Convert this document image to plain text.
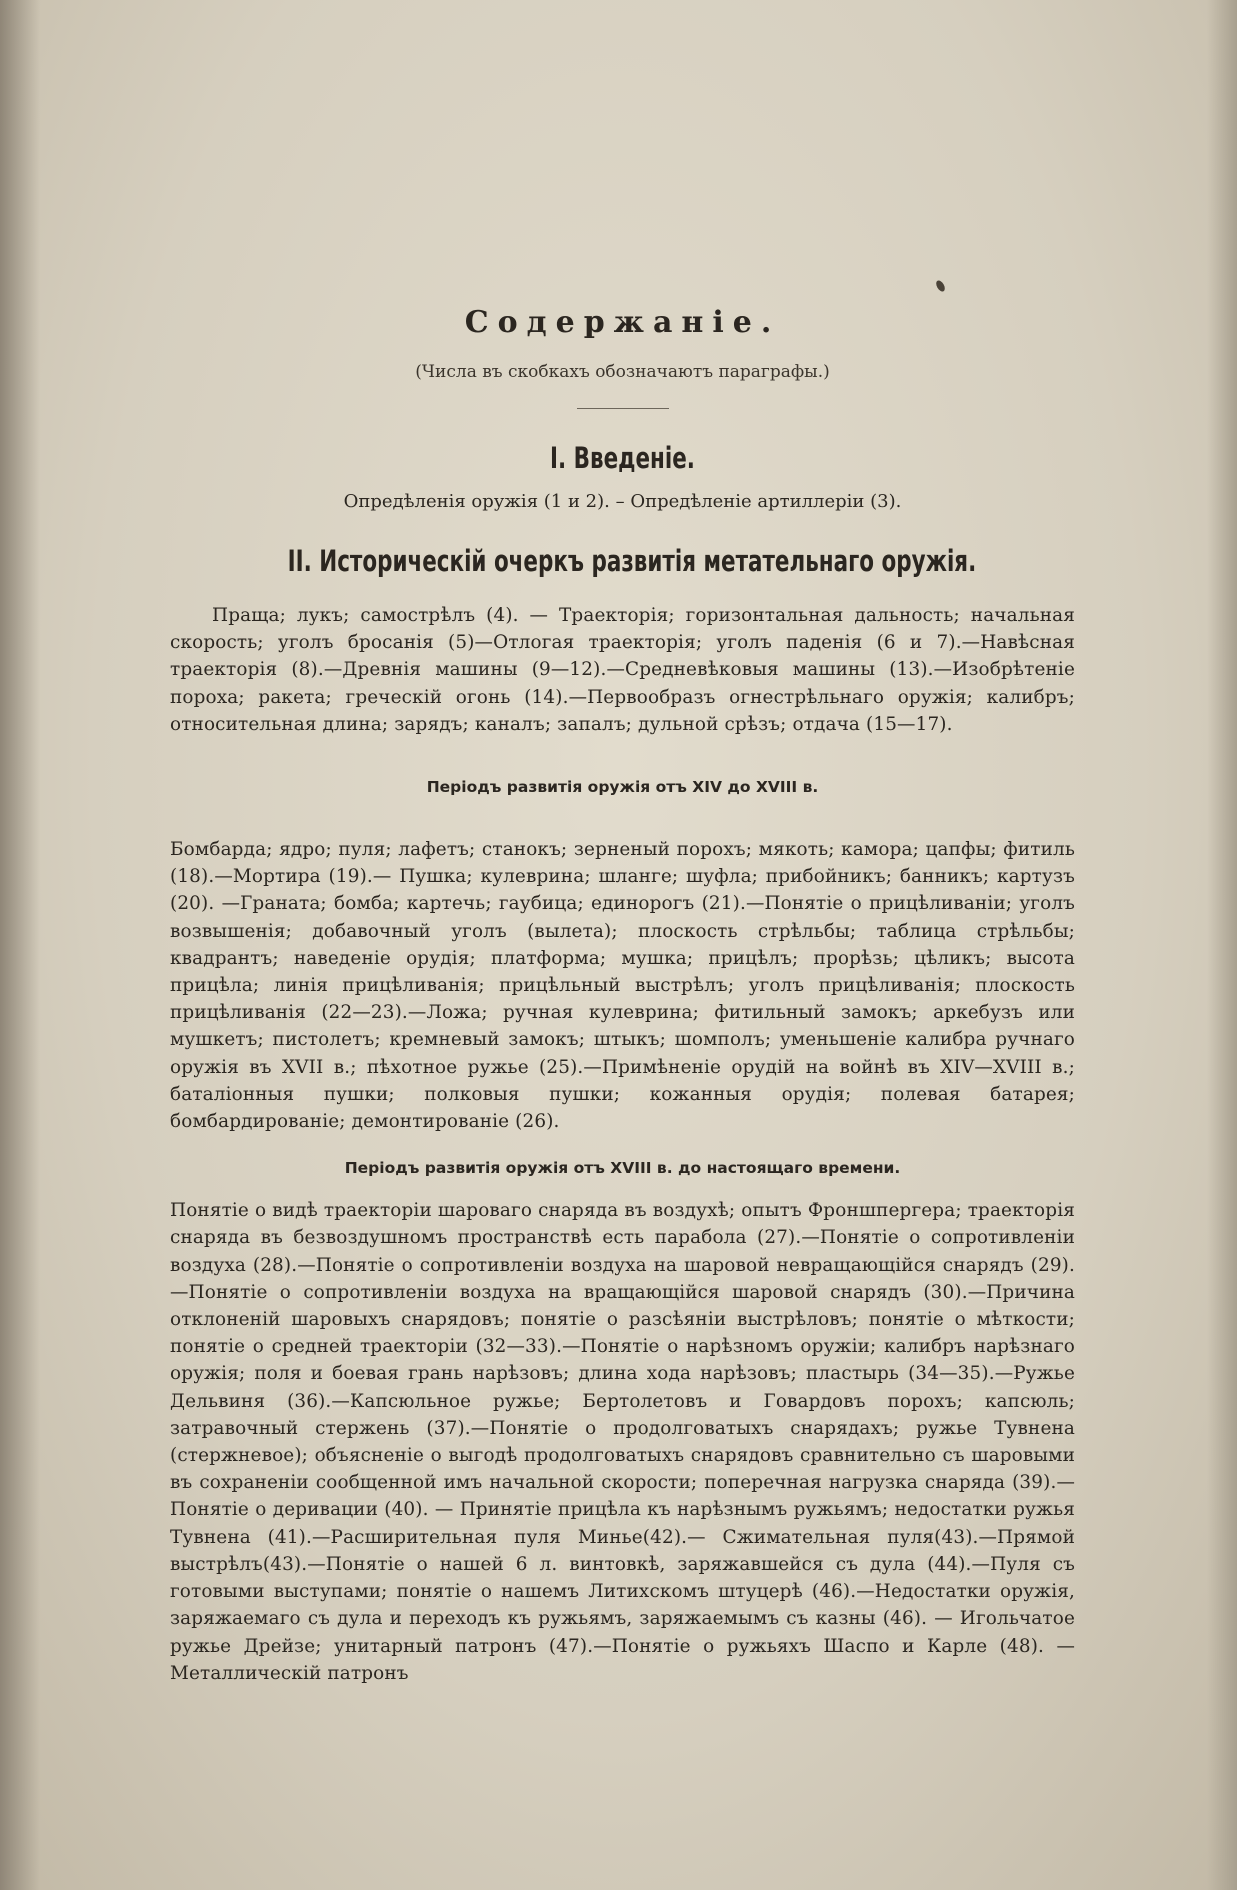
Содержаніе.
(Числа въ скобкахъ обозначаютъ параграфы.)
I. Введеніе.
Опредѣленія оружія (1 и 2). – Опредѣленіе артиллеріи (3).
II. Историческій очеркъ развитія метательнаго оружія.

Праща; лукъ; самострѣлъ (4). — Траекторія; горизонтальная дальность; начальная скорость; уголъ бросанія (5)—Отлогая траекторія; уголъ паденія (6 и 7).—Навѣсная траекторія (8).—Древнія машины (9—12).—Средневѣковыя машины (13).—Изобрѣтеніе пороха; ракета; греческій огонь (14).—Первообразъ огнестрѣльнаго оружія; калибръ; относительная длина; зарядъ; каналъ; запалъ; дульной срѣзъ; отдача (15—17).

Періодъ развитія оружія отъ XIV до XVIII в.

Бомбарда; ядро; пуля; лафетъ; станокъ; зерненый порохъ; мякоть; камора; цапфы; фитиль (18).—Мортира (19).— Пушка; кулеврина; шланге; шуфла; прибойникъ; банникъ; картузъ (20). —Граната; бомба; картечь; гаубица; единорогъ (21).—Понятіе о прицѣливаніи; уголъ возвышенія; добавочный уголъ (вылета); плоскость стрѣльбы; таблица стрѣльбы; квадрантъ; наведеніе орудія; платформа; мушка; прицѣлъ; прорѣзь; цѣликъ; высота прицѣла; линія прицѣливанія; прицѣльный выстрѣлъ; уголъ прицѣливанія; плоскость прицѣливанія (22—23).—Ложа; ручная кулеврина; фитильный замокъ; аркебузъ или мушкетъ; пистолетъ; кремневый замокъ; штыкъ; шомполъ; уменьшеніе калибра ручнаго оружія въ XVII в.; пѣхотное ружье (25).—Примѣненіе орудій на войнѣ въ XIV—XVIII в.; баталіонныя пушки; полковыя пушки; кожанныя орудія; полевая батарея; бомбардированіе; демонтированіе (26).

Періодъ развитія оружія отъ XVIII в. до настоящаго времени.

Понятіе о видѣ траекторіи шароваго снаряда въ воздухѣ; опытъ Фроншпергера; траекторія снаряда въ безвоздушномъ пространствѣ есть парабола (27).—Понятіе о сопротивленіи воздуха (28).—Понятіе о сопротивленіи воздуха на шаровой невращающійся снарядъ (29).—Понятіе о сопротивленіи воздуха на вращающійся шаровой снарядъ (30).—Причина отклоненій шаровыхъ снарядовъ; понятіе о разсѣяніи выстрѣловъ; понятіе о мѣткости; понятіе о средней траекторіи (32—33).—Понятіе о нарѣзномъ оружіи; калибръ нарѣзнаго оружія; поля и боевая грань нарѣзовъ; длина хода нарѣзовъ; пластырь (34—35).—Ружье Дельвиня (36).—Капсюльное ружье; Бертолетовъ и Говардовъ порохъ; капсюль; затравочный стержень (37).—Понятіе о продолговатыхъ снарядахъ; ружье Тувнена (стержневое); объясненіе о выгодѣ продолговатыхъ снарядовъ сравнительно съ шаровыми въ сохраненіи сообщенной имъ начальной скорости; поперечная нагрузка снаряда (39).—Понятіе о деривации (40). — Принятіе прицѣла къ нарѣзнымъ ружьямъ; недостатки ружья Тувнена (41).—Расширительная пуля Миньe(42).— Сжимательная пуля(43).—Прямой выстрѣлъ(43).—Понятіе о нашей 6 л. винтовкѣ, заряжавшейся съ дула (44).—Пуля съ готовыми выступами; понятіе о нашемъ Литихскомъ штуцерѣ (46).—Недостатки оружія, заряжаемаго съ дула и переходъ къ ружьямъ, заряжаемымъ съ казны (46). — Игольчатое ружье Дрейзе; унитарный патронъ (47).—Понятіе о ружьяхъ Шаспо и Карле (48). — Металлическій патронъ
